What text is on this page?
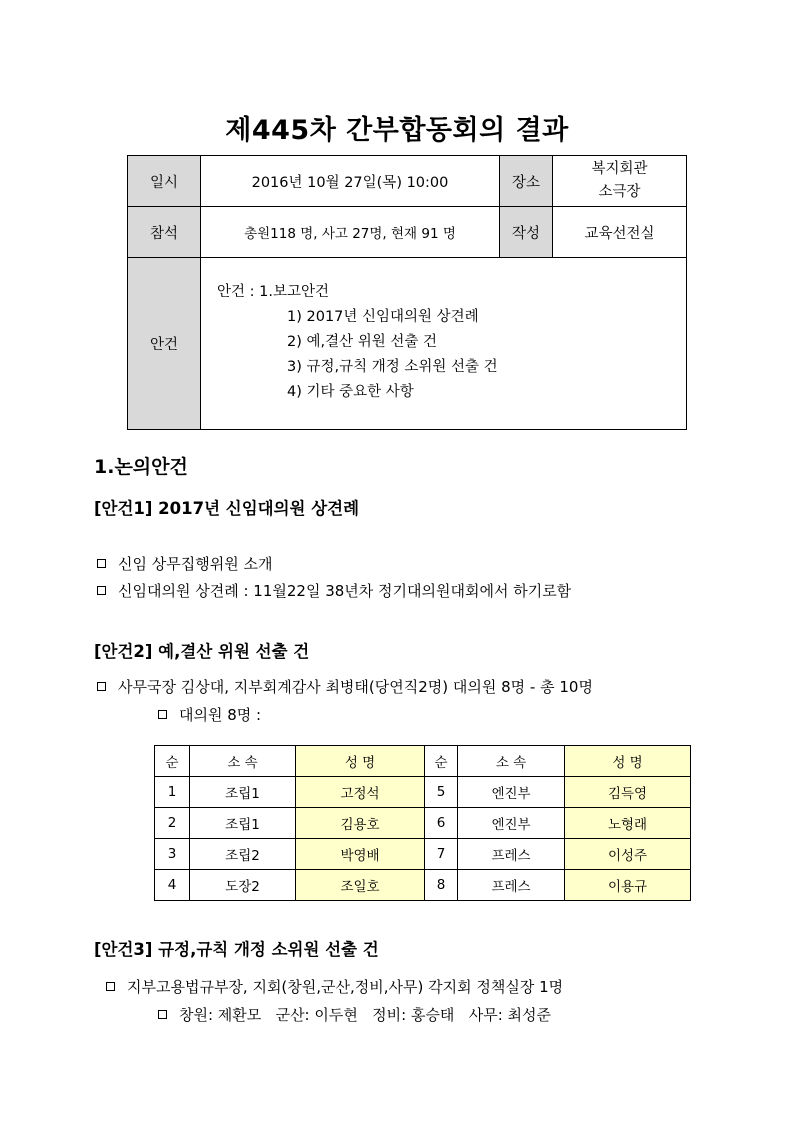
제445차 간부합동회의 결과
일시	2016년 10월 27일(목) 10:00	장소	복지회관
소극장

참석	총원118 명, 사고 27명, 현재 91 명	작성	교육선전실
안건	안건 : 1.보고안건
1) 2017년 신임대의원 상견례
2) 예,결산 위원 선출 건
3) 규정,규칙 개정 소위원 선출 건
4) 기타 중요한 사항		
1.논의안건
[안건1] 2017년 신임대의원 상견례
신임 상무집행위원 소개
신임대의원 상견례 : 11월22일 38년차 정기대의원대회에서 하기로함
[안건2] 예,결산 위원 선출 건
사무국장 김상대, 지부회계감사 최병태(당연직2명) 대의원 8명 - 총 10명
대의원 8명 :
순	소 속	성 명	순	소 속	성 명
1	조립1	고정석	5	엔진부	김득영
2	조립1	김용호	6	엔진부	노형래
3	조립2	박영배	7	프레스	이성주
4	도장2	조일호	8	프레스	이용규
[안건3] 규정,규칙 개정 소위원 선출 건
지부고용법규부장, 지회(창원,군산,정비,사무) 각지회 정책실장 1명
창원: 제환모   군산: 이두현   정비: 홍승태   사무: 최성준
